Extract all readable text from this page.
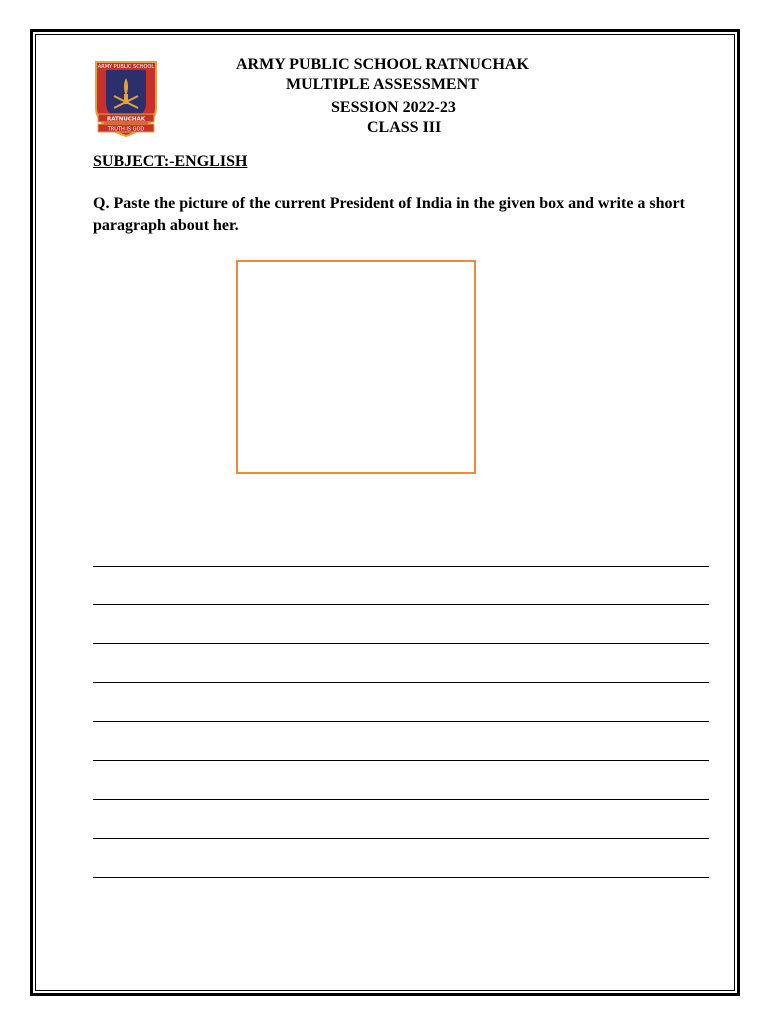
ARMY PUBLIC SCHOOL
RATNUCHAK
TRUTH IS GOD
ARMY PUBLIC SCHOOL RATNUCHAK
MULTIPLE ASSESSMENT
SESSION 2022-23
CLASS III
SUBJECT:-ENGLISH
Q. Paste the picture of the current President of India in the given box and write a short paragraph about her.
